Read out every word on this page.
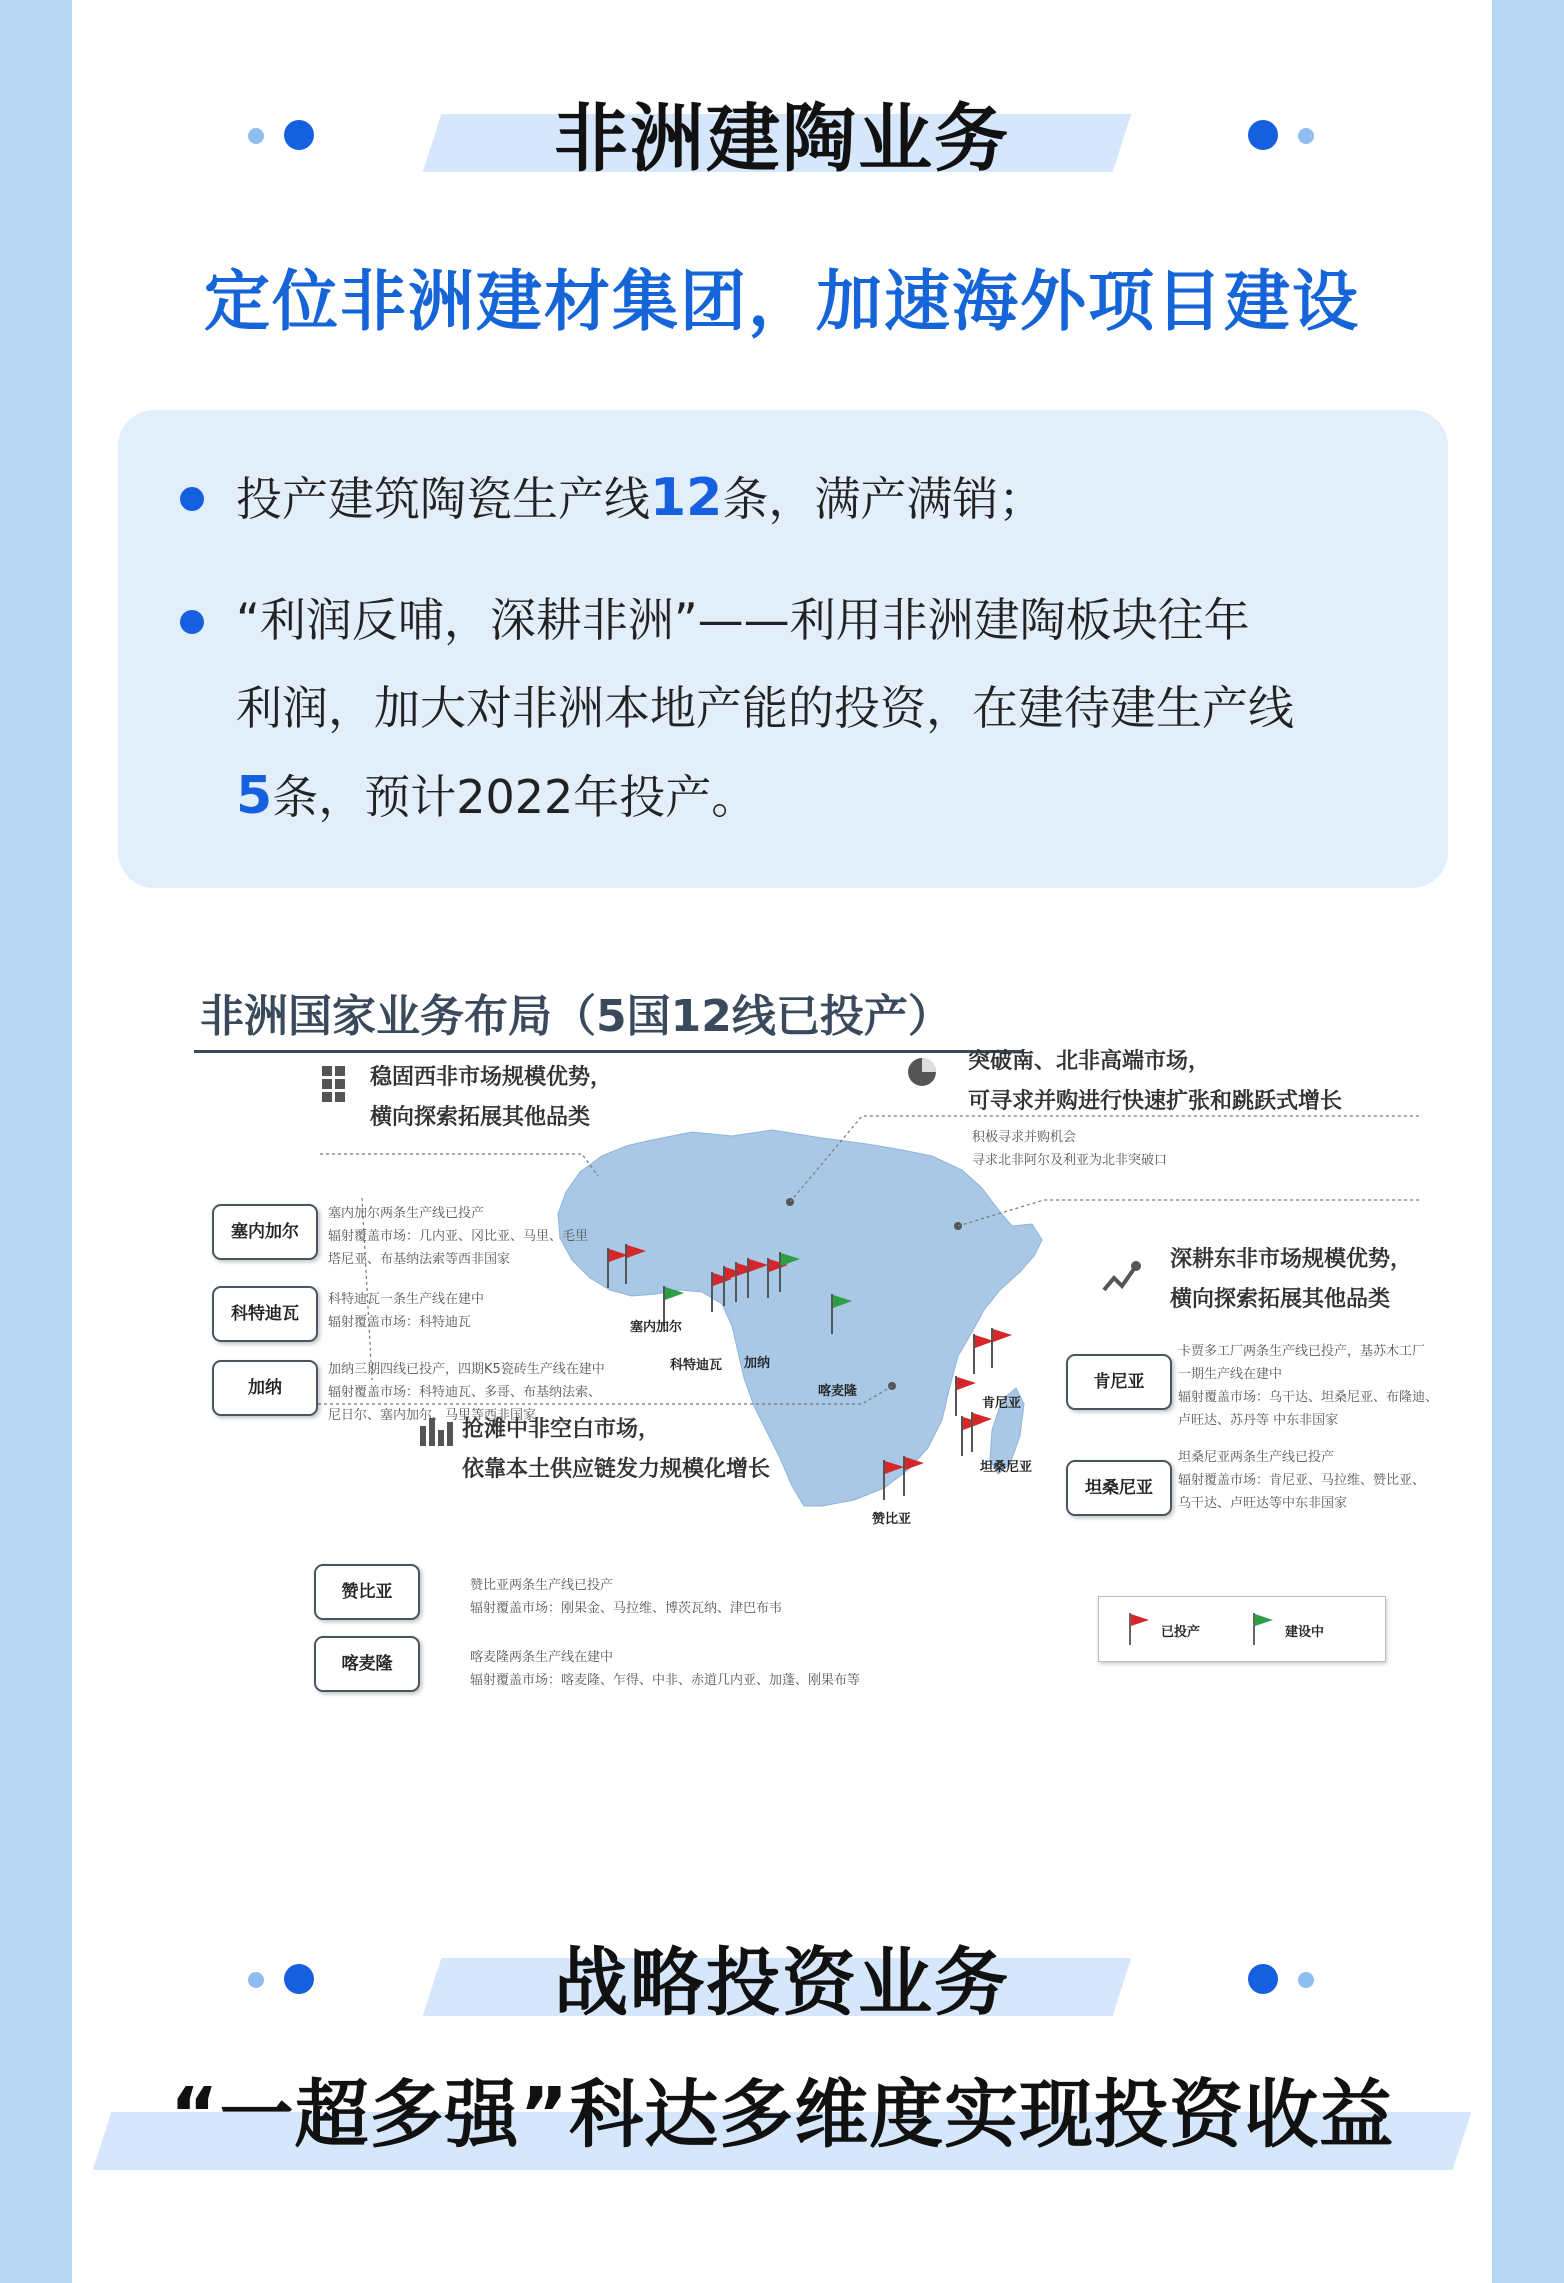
非洲建陶业务
定位非洲建材集团，加速海外项目建设
投产建筑陶瓷生产线12条，满产满销；
“利润反哺，深耕非洲”——利用非洲建陶板块往年
利润，加大对非洲本地产能的投资，在建待建生产线
5条，预计2022年投产。
非洲国家业务布局（5国12线已投产）
稳固西非市场规模优势，
横向探索拓展其他品类
突破南、北非高端市场，
可寻求并购进行快速扩张和跳跃式增长
积极寻求并购机会
寻求北非阿尔及利亚为北非突破口
深耕东非市场规模优势，
横向探索拓展其他品类
抢滩中非空白市场，
依靠本土供应链发力规模化增长
塞内加尔
塞内加尔两条生产线已投产
辐射覆盖市场：几内亚、冈比亚、马里、毛里
塔尼亚、布基纳法索等西非国家
科特迪瓦
科特迪瓦一条生产线在建中
辐射覆盖市场：科特迪瓦
加纳
加纳三期四线已投产，四期K5瓷砖生产线在建中
辐射覆盖市场：科特迪瓦、多哥、布基纳法索、
尼日尔、塞内加尔、马里等西非国家
肯尼亚
卡贾多工厂两条生产线已投产，基苏木工厂
一期生产线在建中
辐射覆盖市场：乌干达、坦桑尼亚、布隆迪、
卢旺达、苏丹等 中东非国家
坦桑尼亚
坦桑尼亚两条生产线已投产
辐射覆盖市场：肯尼亚、马拉维、赞比亚、
乌干达、卢旺达等中东非国家
赞比亚	赞比亚两条生产线已投产
辐射覆盖市场：刚果金、马拉维、博茨瓦纳、津巴布韦
喀麦隆	喀麦隆两条生产线在建中
辐射覆盖市场：喀麦隆、乍得、中非、赤道几内亚、加蓬、刚果布等
塞内加尔
科特迪瓦 加纳
喀麦隆
肯尼亚
坦桑尼亚
赞比亚
已投产	建设中
战略投资业务
“一超多强”科达多维度实现投资收益
